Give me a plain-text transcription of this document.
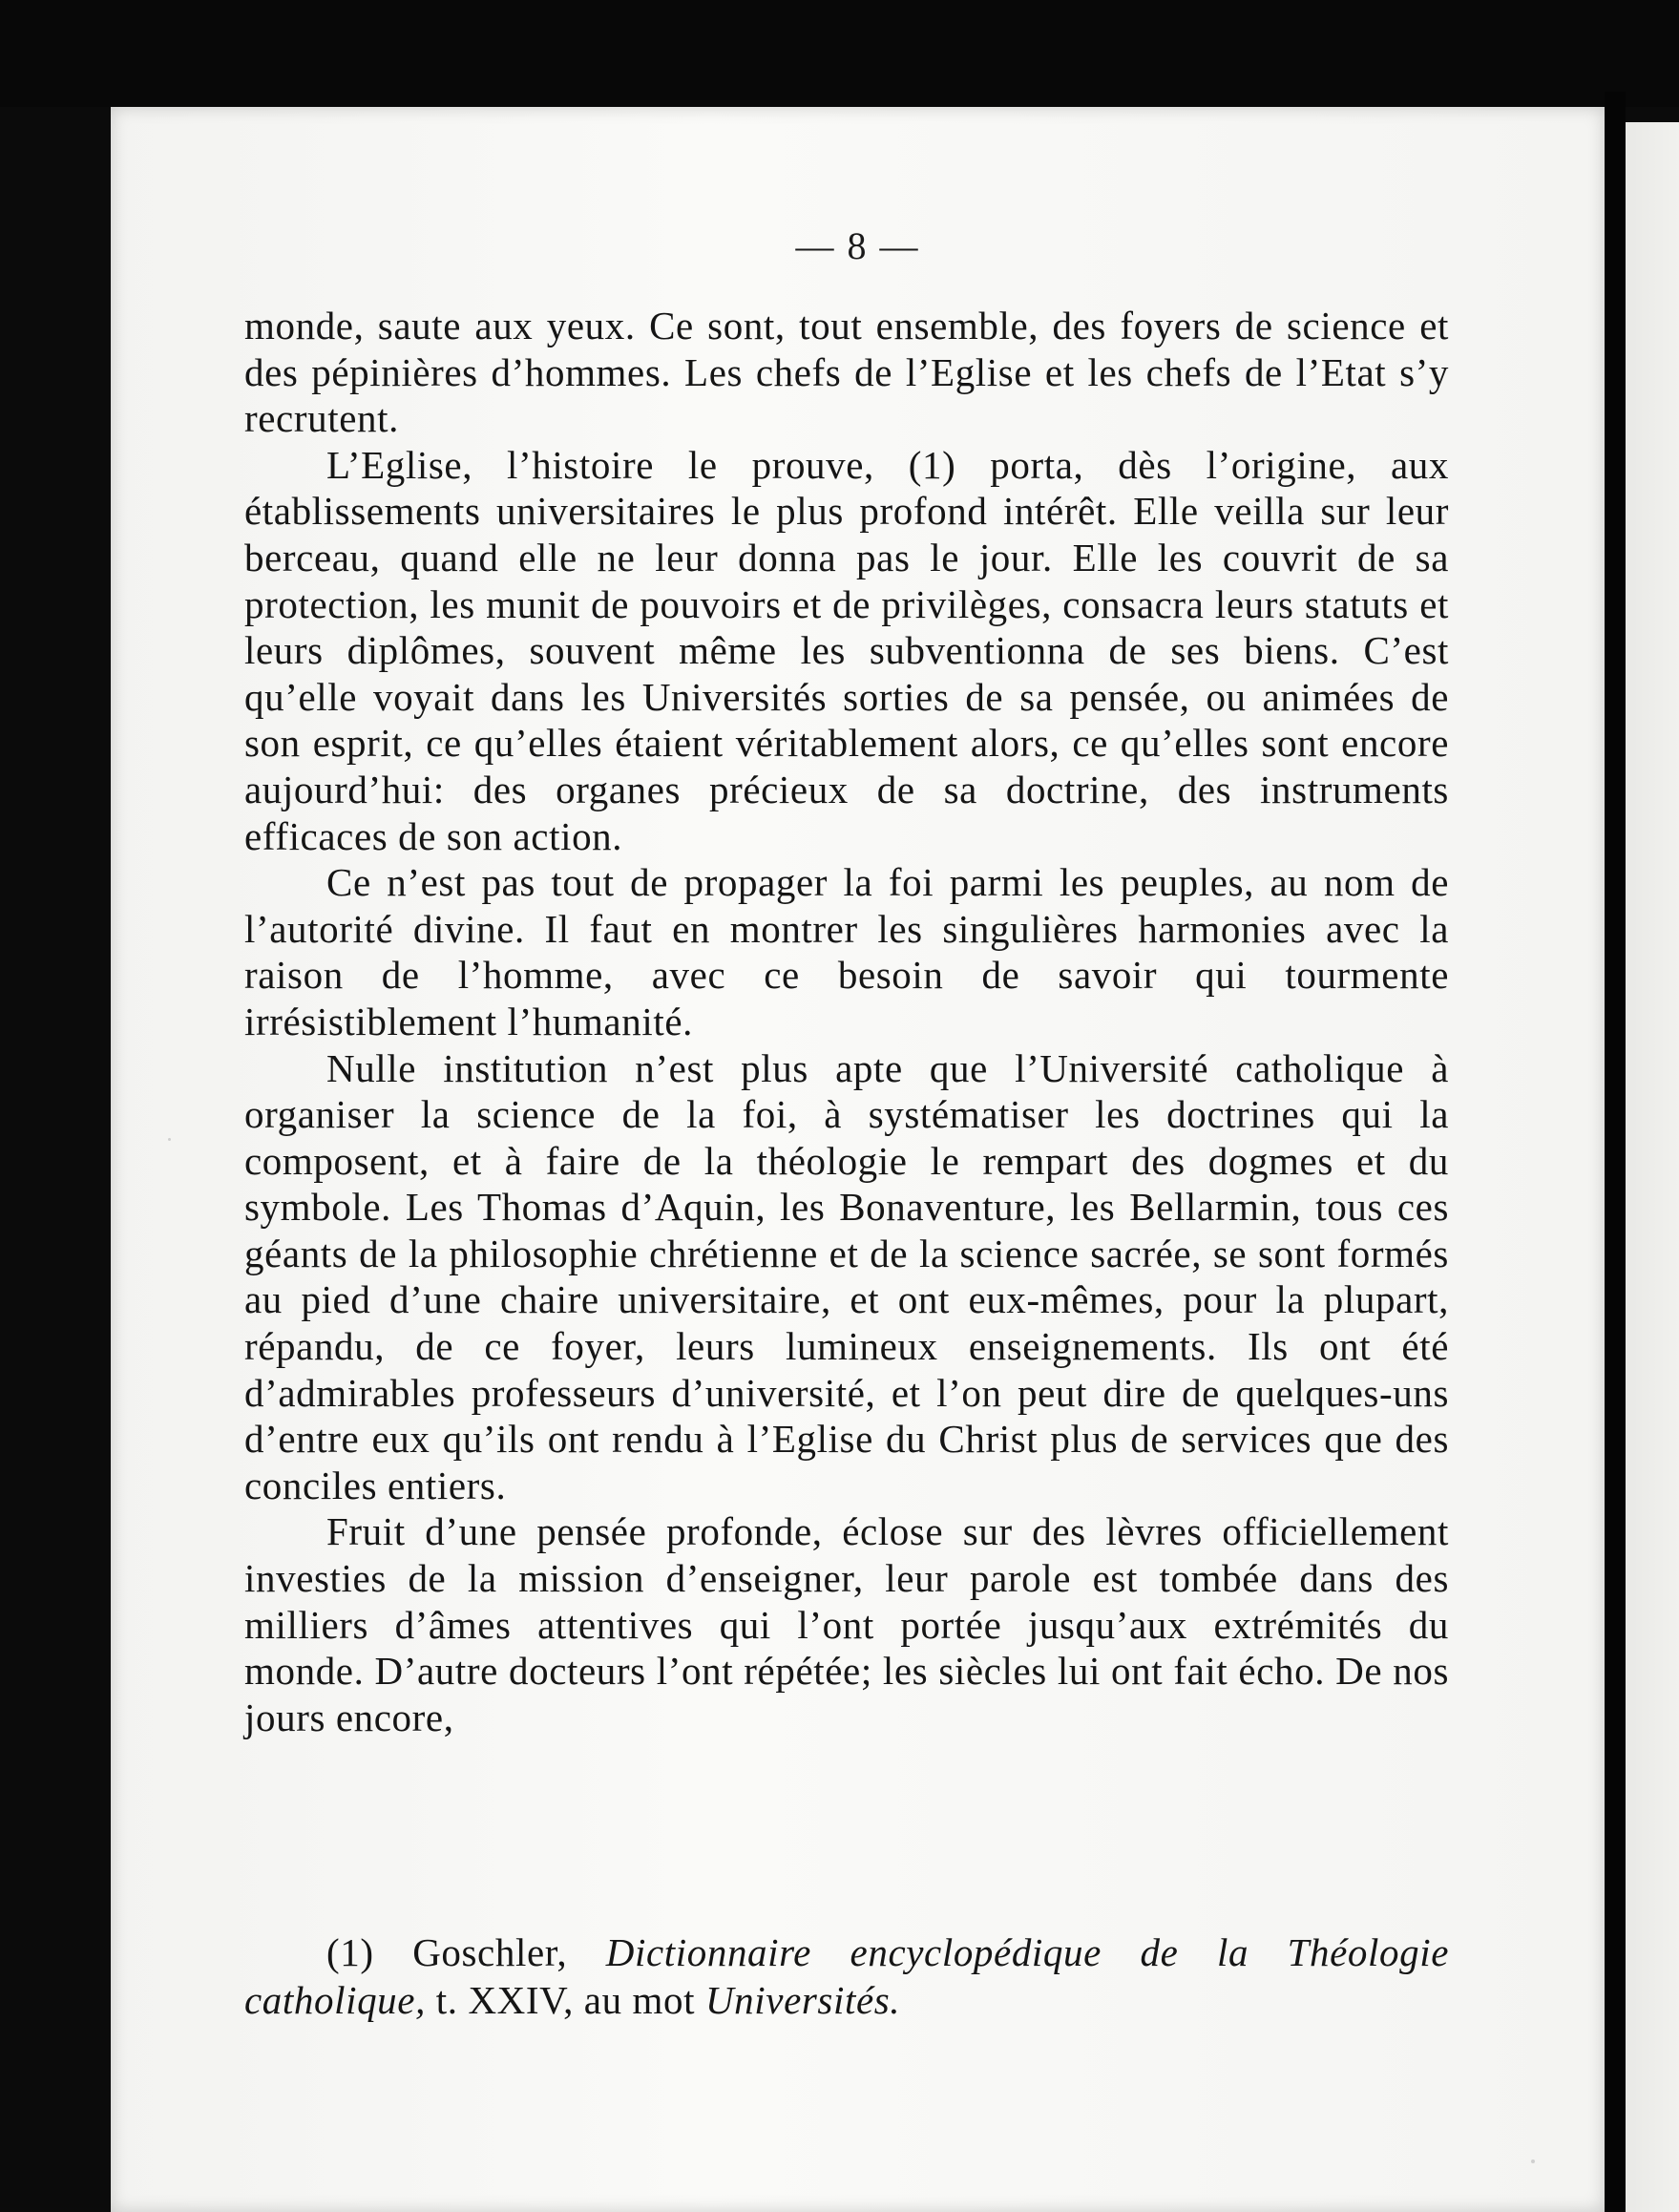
— 8 —

monde, saute aux yeux. Ce sont, tout ensemble, des foyers de science et des pépinières d’hommes. Les chefs de l’Eglise et les chefs de l’Etat s’y recrutent.

L’Eglise, l’histoire le prouve, (1) porta, dès l’origine, aux établissements universitaires le plus profond intérêt. Elle veilla sur leur berceau, quand elle ne leur donna pas le jour. Elle les couvrit de sa protection, les munit de pouvoirs et de privilèges, consacra leurs statuts et leurs diplômes, souvent même les subventionna de ses biens. C’est qu’elle voyait dans les Universités sorties de sa pensée, ou animées de son esprit, ce qu’elles étaient véritablement alors, ce qu’elles sont encore aujourd’hui: des organes précieux de sa doctrine, des instruments efficaces de son action.

Ce n’est pas tout de propager la foi parmi les peuples, au nom de l’autorité divine. Il faut en montrer les singulières harmonies avec la raison de l’homme, avec ce besoin de savoir qui tourmente irrésistiblement l’humanité.

Nulle institution n’est plus apte que l’Université catholique à organiser la science de la foi, à systématiser les doctrines qui la composent, et à faire de la théologie le rempart des dogmes et du symbole. Les Thomas d’Aquin, les Bonaventure, les Bellarmin, tous ces géants de la philosophie chrétienne et de la science sacrée, se sont formés au pied d’une chaire universitaire, et ont eux-mêmes, pour la plupart, répandu, de ce foyer, leurs lumineux enseignements. Ils ont été d’admirables professeurs d’université, et l’on peut dire de quelques-uns d’entre eux qu’ils ont rendu à l’Eglise du Christ plus de services que des conciles entiers.

Fruit d’une pensée profonde, éclose sur des lèvres officiellement investies de la mission d’enseigner, leur parole est tombée dans des milliers d’âmes attentives qui l’ont portée jusqu’aux extrémités du monde. D’autre docteurs l’ont répétée; les siècles lui ont fait écho. De nos jours encore,

(1) Goschler, Dictionnaire encyclopédique de la Théologie catholique, t. XXIV, au mot Universités.
